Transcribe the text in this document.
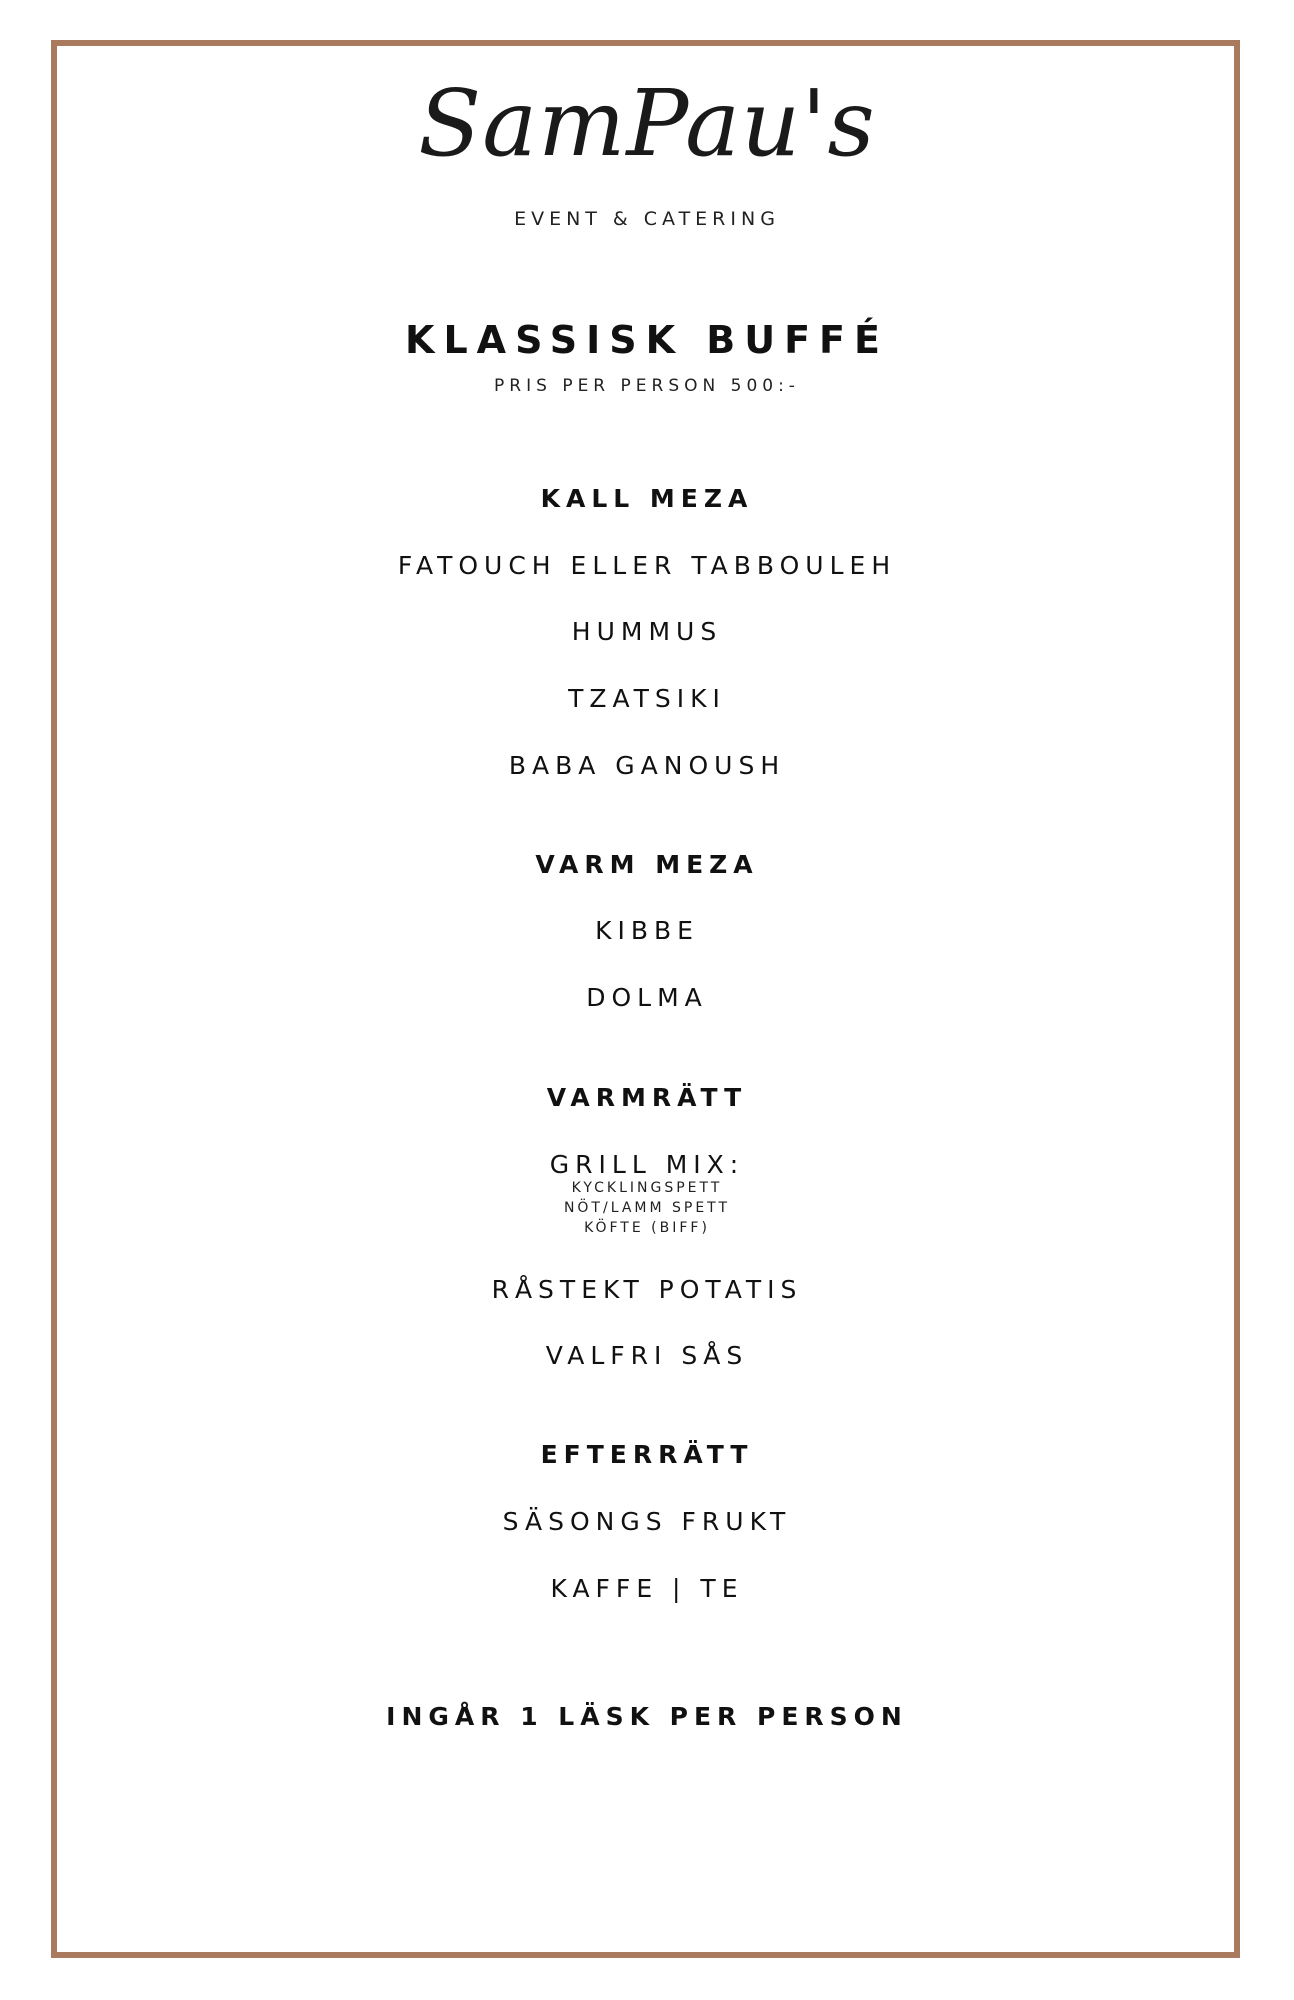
SamPau's
EVENT & CATERING
KLASSISK BUFFÉ
PRIS PER PERSON 500:-
KALL MEZA
FATOUCH ELLER TABBOULEH
HUMMUS
TZATSIKI
BABA GANOUSH
VARM MEZA
KIBBE
DOLMA
VARMRÄTT
GRILL MIX:
KYCKLINGSPETT
NÖT/LAMM SPETT
KÖFTE (BIFF)
RÅSTEKT POTATIS
VALFRI SÅS
EFTERRÄTT
SÄSONGS FRUKT
KAFFE | TE
INGÅR 1 LÄSK PER PERSON
